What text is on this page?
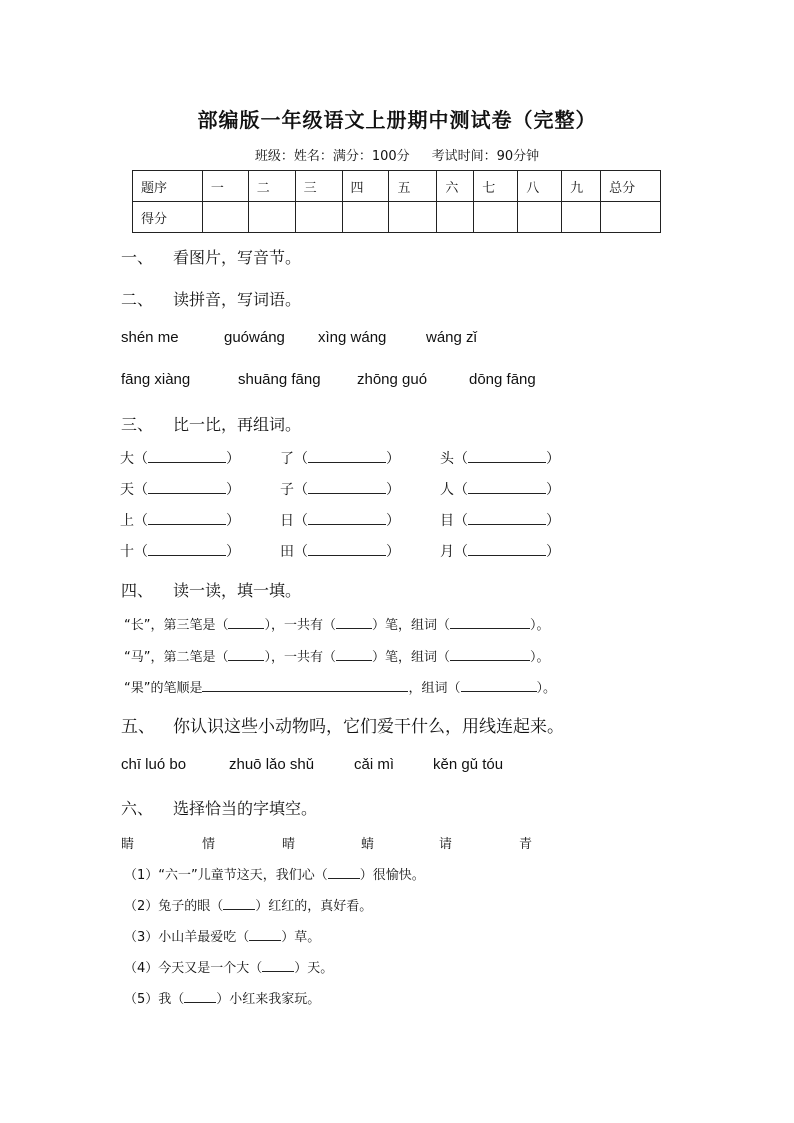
部编版一年级语文上册期中测试卷（完整）
班级：姓名：满分：100分 考试时间：90分钟
题序	一	二	三	四	五	六	七	八	九	总分
得分										
一、 看图片，写音节。
二、 读拼音，写词语。
shén me	guówáng xìng wáng	wáng zǐ
fāng xiàng	shuāng fāng zhōng guó	dōng fāng
三、 比一比，再组词。
大（	）	了（	）	头（	）
天（	）	子（	）	人（	）
上（	）	日（	）	目（	）
十（	）	田（	）	月（	）
四、 读一读，填一填。
“长”，第三笔是（	），一共有（	）笔，组词（	）。
“马”，第二笔是（	），一共有（	）笔，组词（	）。
“果”的笔顺是	，组词（	）。
五、 你认识这些小动物吗，它们爱干什么，用线连起来。
chī luó bo	zhuō lǎo shǔ	cǎi mì	kěn gǔ tóu
六、 选择恰当的字填空。
睛	情	晴	蜻	请	青
（1）“六一”儿童节这天，我们心（ ）很愉快。
（2）兔子的眼（ ）红红的，真好看。
（3）小山羊最爱吃（ ）草。
（4）今天又是一个大（ ）天。
（5）我（ ）小红来我家玩。
